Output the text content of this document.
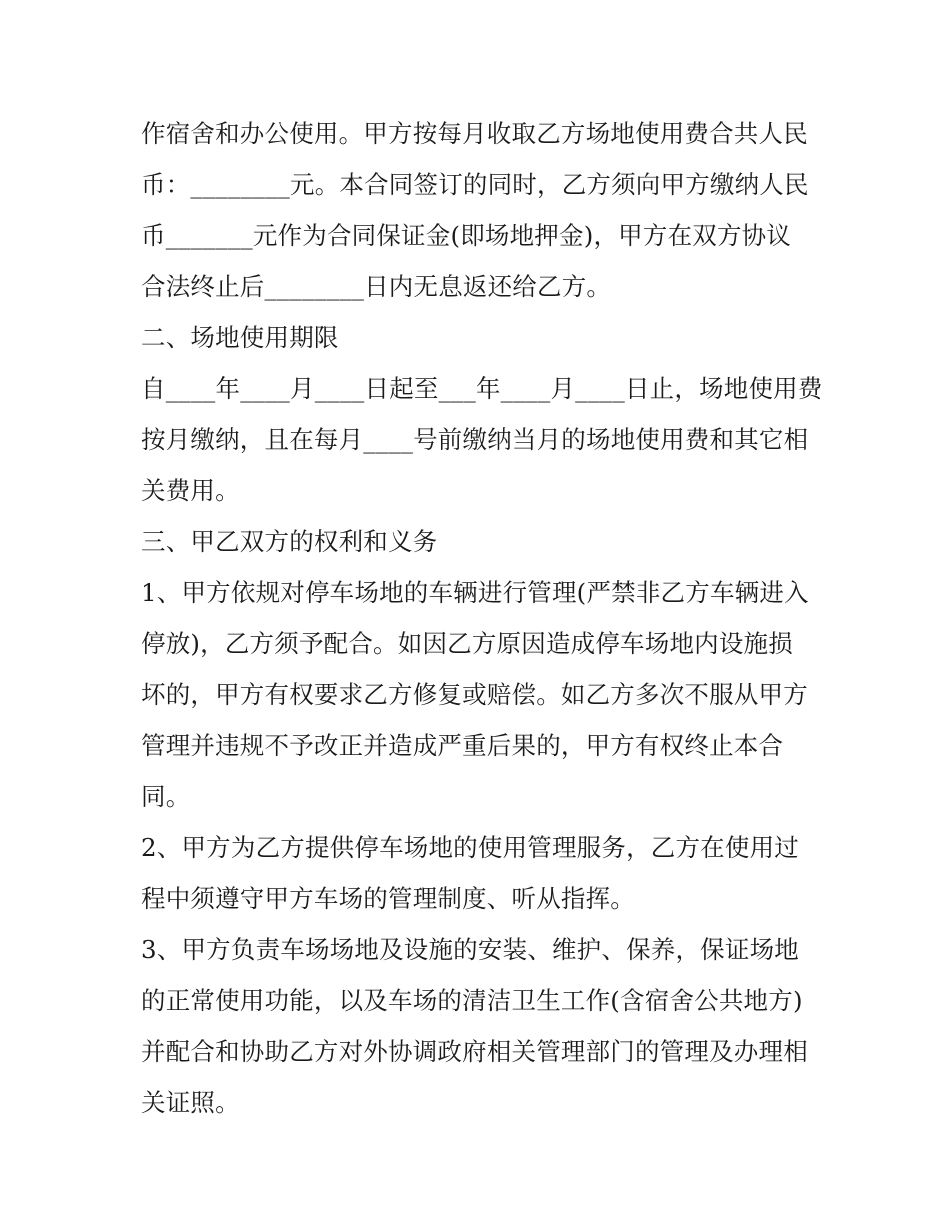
作宿舍和办公使用。甲方按每月收取乙方场地使用费合共人民
币：________元。本合同签订的同时，乙方须向甲方缴纳人民
币_______元作为合同保证金(即场地押金)，甲方在双方协议
合法终止后________日内无息返还给乙方。
二、场地使用期限
自____年____月____日起至___年____月____日止，场地使用费
按月缴纳，且在每月____号前缴纳当月的场地使用费和其它相
关费用。
三、甲乙双方的权利和义务
1、甲方依规对停车场地的车辆进行管理(严禁非乙方车辆进入
停放)，乙方须予配合。如因乙方原因造成停车场地内设施损
坏的，甲方有权要求乙方修复或赔偿。如乙方多次不服从甲方
管理并违规不予改正并造成严重后果的，甲方有权终止本合
同。
2、甲方为乙方提供停车场地的使用管理服务，乙方在使用过
程中须遵守甲方车场的管理制度、听从指挥。
3、甲方负责车场场地及设施的安装、维护、保养，保证场地
的正常使用功能，以及车场的清洁卫生工作(含宿舍公共地方)
并配合和协助乙方对外协调政府相关管理部门的管理及办理相
关证照。
